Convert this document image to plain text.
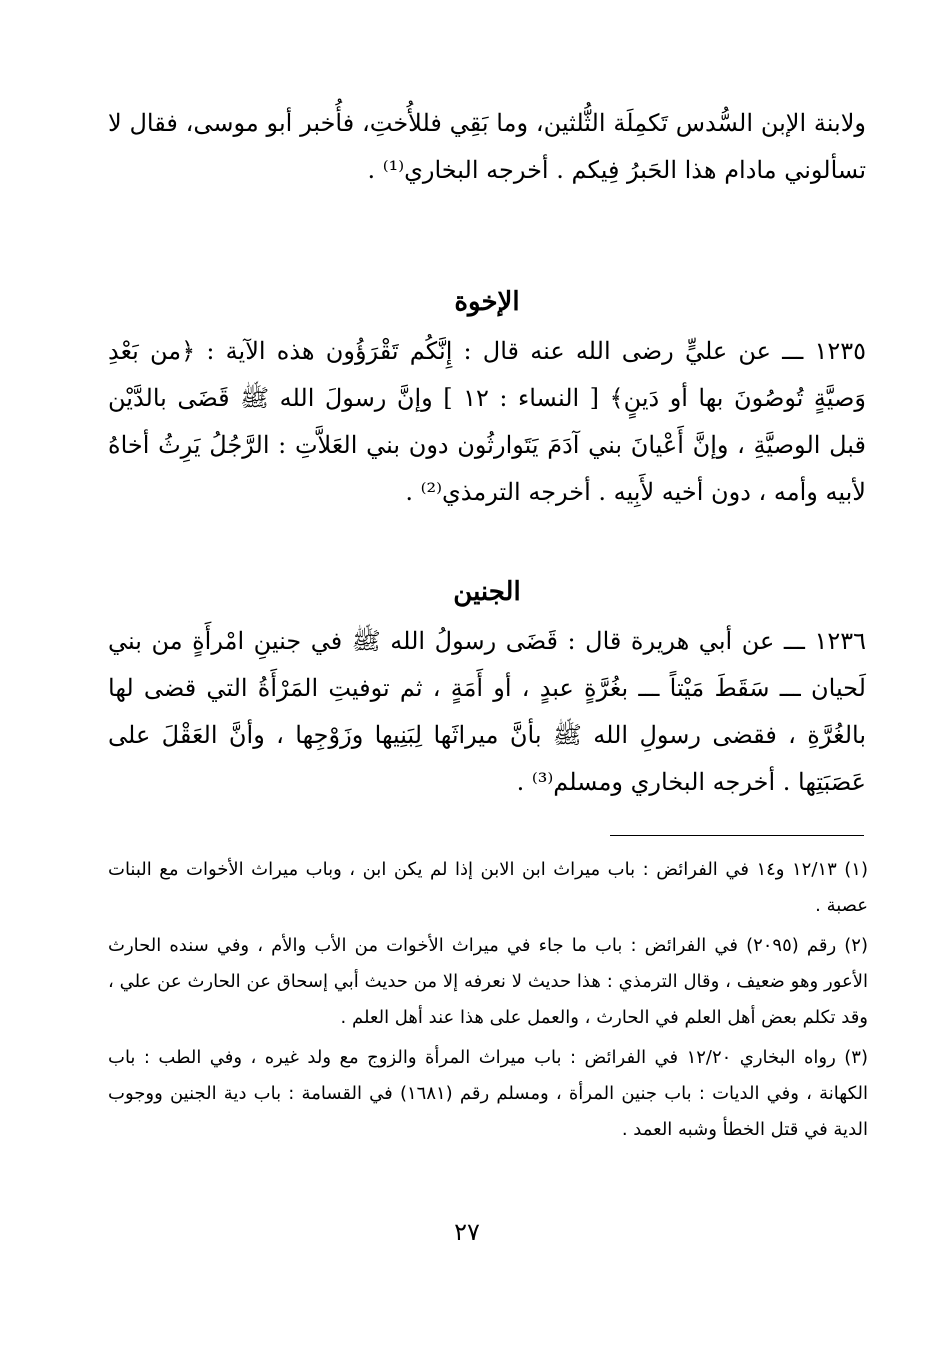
ولابنة الإبن السُّدس تَكمِلَة الثُّلثين، وما بَقِي فللأُختِ، فأُخبر أبو موسى، فقال لا تسألوني مادام هذا الحَبرُ فِيكم . أخرجه البخاري⁽¹⁾ .

الإخوة

١٢٣٥ ـــ عن عليٍّ رضى الله عنه قال : إِنَّكُم تَقْرَؤُون هذه الآية : ﴿من بَعْدِ وَصيَّةٍ تُوصُونَ بها أو دَينٍ﴾ [ النساء : ١٢ ] وإنَّ رسولَ الله ﷺ قَضَى بالدَّيْن قبل الوصيَّةِ ، وإنَّ أَعْيانَ بني آدَمَ يَتَوارثُون دون بني العَلاَّتِ : الرَّجُلُ يَرِثُ أخاهُ لأبيه وأمه ، دون أخيه لأَبِيه . أخرجه الترمذي⁽²⁾ .

الجنين

١٢٣٦ ـــ عن أبي هريرة قال : قَضَى رسولُ الله ﷺ في جنينِ امْرأَةٍ من بني لَحيان ـــ سَقَطَ مَيْتاً ـــ بغُرَّةٍ عبدٍ ، أو أَمَةٍ ، ثم توفيتِ المَرْأَةُ التي قضى لها بالغُرَّةِ ، فقضى رسولِ الله ﷺ بأنَّ ميراثَها لِبَنِيها وزَوْجِها ، وأنَّ العَقْلَ على عَصَبَتِها . أخرجه البخاري ومسلم⁽³⁾ .

(١) ١٢/١٣ و١٤ في الفرائض : باب ميراث ابن الابن إذا لم يكن ابن ، وباب ميراث الأخوات مع البنات عصبة .

(٢) رقم (٢٠٩٥) في الفرائض : باب ما جاء في ميراث الأخوات من الأب والأم ، وفي سنده الحارث الأعور وهو ضعيف ، وقال الترمذي : هذا حديث لا نعرفه إلا من حديث أبي إسحاق عن الحارث عن علي ، وقد تكلم بعض أهل العلم في الحارث ، والعمل على هذا عند أهل العلم .

(٣) رواه البخاري ١٢/٢٠ في الفرائض : باب ميراث المرأة والزوج مع ولد غيره ، وفي الطب : باب الكهانة ، وفي الديات : باب جنين المرأة ، ومسلم رقم (١٦٨١) في القسامة : باب دية الجنين ووجوب الدية في قتل الخطأ وشبه العمد .

٢٧
